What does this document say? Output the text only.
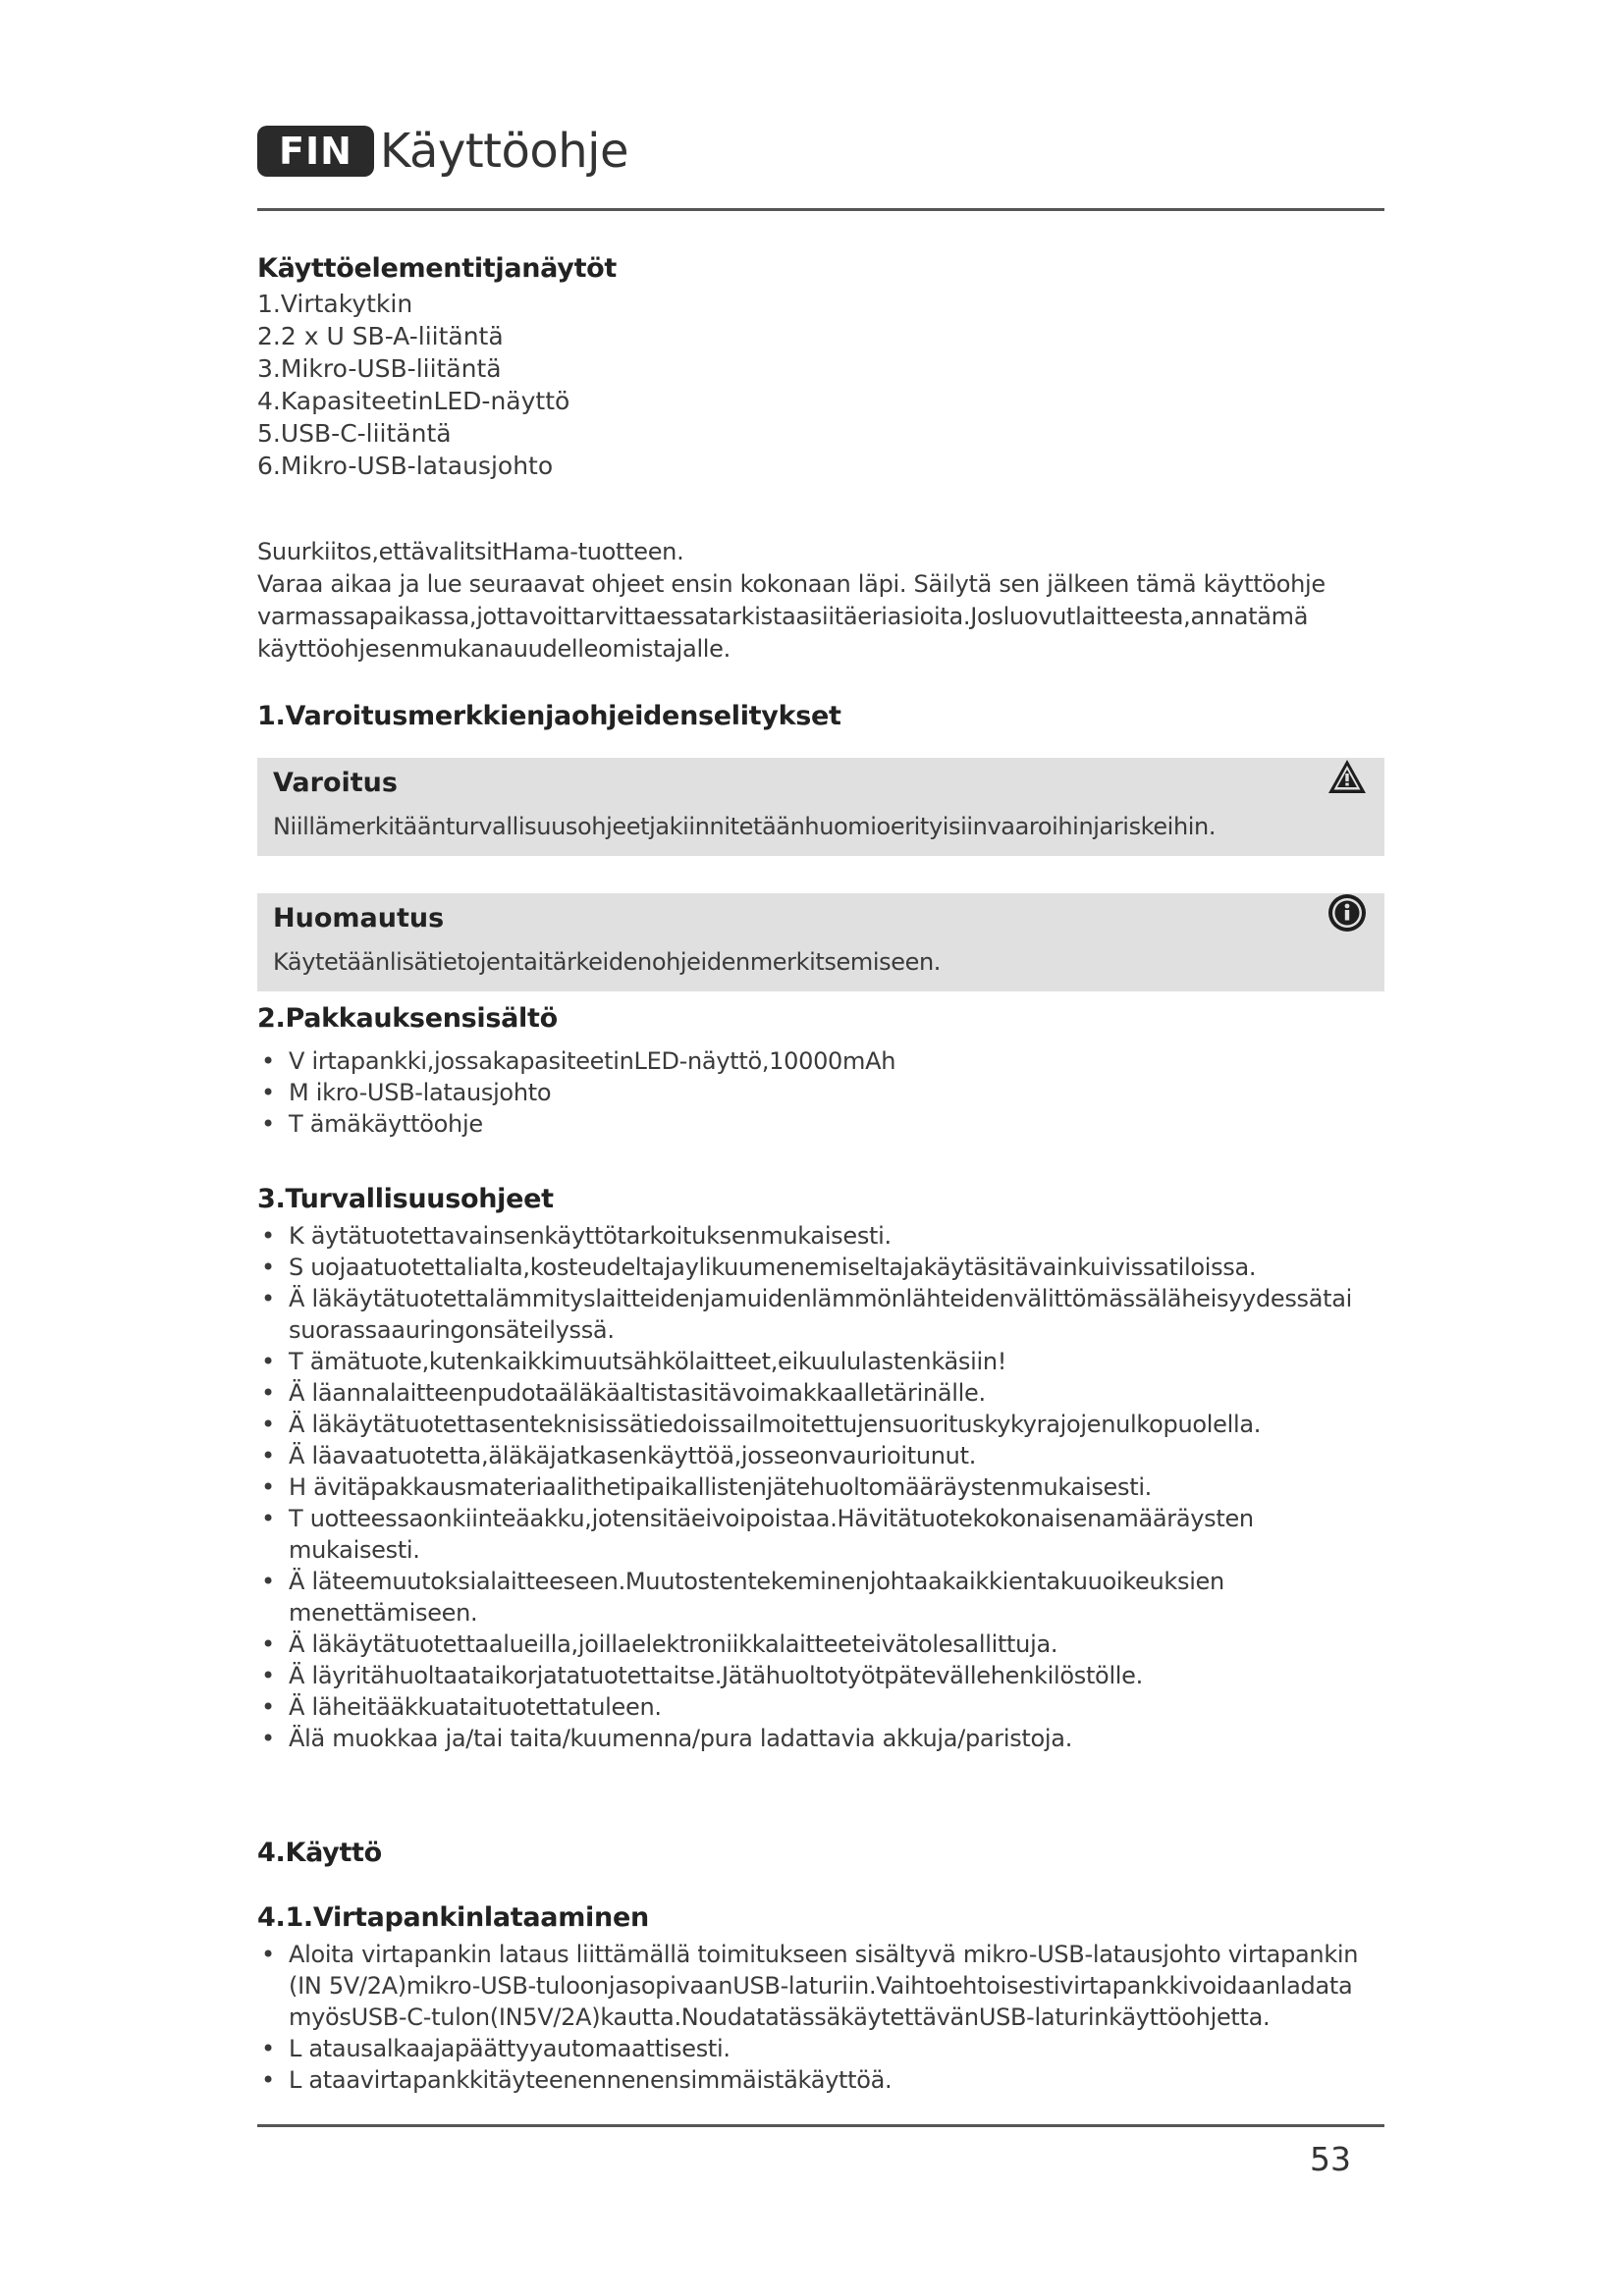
FIN Käyttöohje
Käyttöelementitjanäytöt
1.Virtakytkin
2.2 x U SB-A-liitäntä
3.Mikro-USB-liitäntä
4.KapasiteetinLED-näyttö
5.USB-C-liitäntä
6.Mikro-USB-latausjohto
Suurkiitos,ettävalitsitHama-tuotteen.
Varaa aikaa ja lue seuraavat ohjeet ensin kokonaan läpi. Säilytä sen jälkeen tämä käyttöohje
varmassapaikassa,jottavoittarvittaessatarkistaasiitäeriasioita.Josluovutlaitteesta,annatämä
käyttöohjesenmukanauudelleomistajalle.
1.Varoitusmerkkienjaohjeidenselitykset
Varoitus
Niillämerkitäänturvallisuusohjeetjakiinnitetäänhuomioerityisiinvaaroihinjariskeihin.
Huomautus
Käytetäänlisätietojentaitärkeidenohjeidenmerkitsemiseen.
2.Pakkauksensisältö
• V irtapankki,jossakapasiteetinLED-näyttö,10000mAh
• M ikro-USB-latausjohto
• T ämäkäyttöohje
3.Turvallisuusohjeet
• K äytätuotettavainsenkäyttötarkoituksenmukaisesti.
• S uojaatuotettalialta,kosteudeltajaylikuumenemiseltajakäytäsitävainkuivissatiloissa.
• Ä läkäytätuotettalämmityslaitteidenjamuidenlämmönlähteidenvälittömässäläheisyydessätai suorassaauringonsäteilyssä.
• T ämätuote,kutenkaikkimuutsähkölaitteet,eikuululastenkäsiin!
• Ä läannalaitteenpudotaäläkäaltistasitävoimakkaalletärinälle.
• Ä läkäytätuotettasenteknisissätiedoissailmoitettujensuorituskykyrajojenulkopuolella.
• Ä läavaatuotetta,äläkäjatkasenkäyttöä,josseonvaurioitunut.
• H ävitäpakkausmateriaalithetipaikallistenjätehuoltomääräystenmukaisesti.
• T uotteessaonkiinteäakku,jotensitäeivoipoistaa.Hävitätuotekokonaisenamääräysten mukaisesti.
• Ä läteemuutoksialaitteeseen.Muutostentekeminenjohtaakaikkientakuuoikeuksien menettämiseen.
• Ä läkäytätuotettaalueilla,joillaelektroniikkalaitteeteivätolesallittuja.
• Ä läyritähuoltaataikorjatatuotettaitse.Jätähuoltotyötpätevällehenkilöstölle.
• Ä läheitääkkuataituotettatuleen.
• Älä muokkaa ja/tai taita/kuumenna/pura ladattavia akkuja/paristoja.
4.Käyttö
4.1.Virtapankinlataaminen
• Aloita virtapankin lataus liittämällä toimitukseen sisältyvä mikro-USB-latausjohto virtapankin (IN 5V/2A)mikro-USB-tuloonjasopivaanUSB-laturiin.Vaihtoehtoisestivirtapankkivoidaanladata myösUSB-C-tulon(IN5V/2A)kautta.NoudatatässäkäytettävänUSB-laturinkäyttöohjetta.
• L atausalkaajapäättyyautomaattisesti.
• L ataavirtapankkitäyteenennenensimmäistäkäyttöä.
53
